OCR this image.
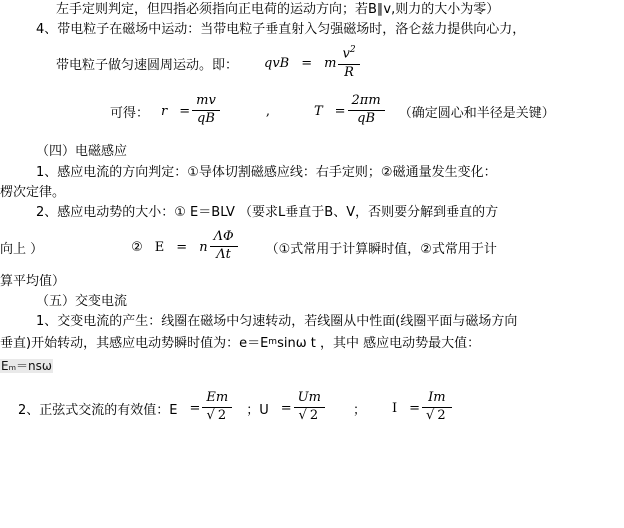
左手定则判定，但四指必须指向正电荷的运动方向；若B∥v,则力的大小为零）
4、带电粒子在磁场中运动：当带电粒子垂直射入匀强磁场时，洛仑兹力提供向心力，
带电粒子做匀速圆周运动。即： qvB = m $\frac{v^2}{R}$
可得： $r = \frac{mv}{qB}$	,	$T = \frac{2\pi m}{qB}$ （确定圆心和半径是关键）
（四）电磁感应
1、感应电流的方向判定：①导体切割磁感应线：右手定则；②磁通量发生变化：
楞次定律。
2、感应电动势的大小：① E＝BLV （要求L垂直于B、V，否则要分解到垂直的方
向上 ）	② E = n $\frac{\Lambda\Phi}{\Lambda t}$ （①式常用于计算瞬时值，②式常用于计
算平均值）
（五）交变电流
1、交变电流的产生：线圈在磁场中匀速转动，若线圈从中性面(线圈平面与磁场方向
垂直)开始转动，其感应电动势瞬时值为：e＝E m sinω t ，其中 感应电动势最大值：
Eₘ＝nsω
2、正弦式交流的有效值：$E = \frac{Em}{√ 2}$ ；$U = \frac{Um}{√ 2}$ ； $I = \frac{Im}{√ 2}$
